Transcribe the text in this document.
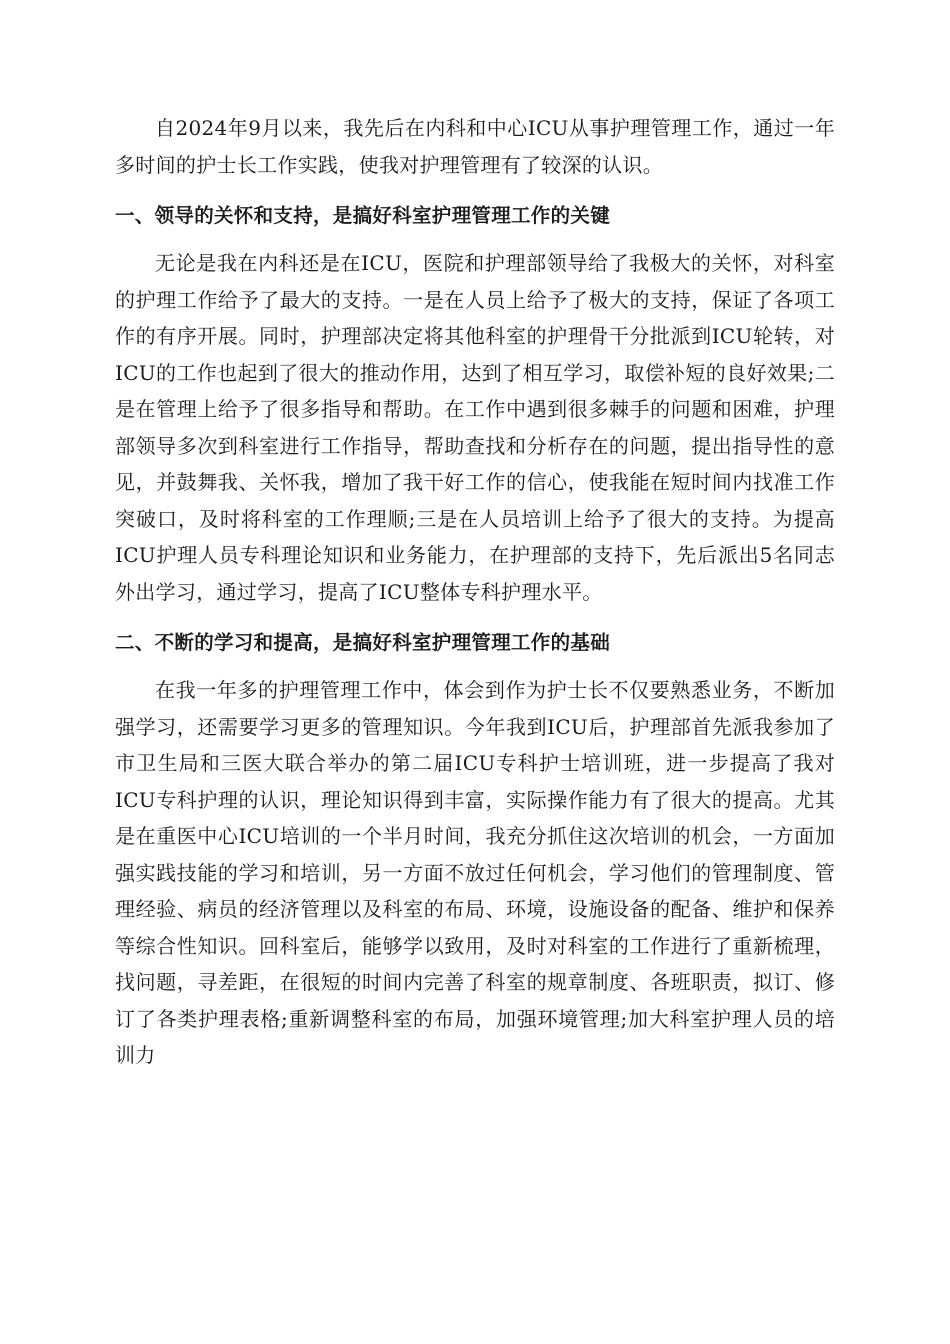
自2024年9月以来，我先后在内科和中心ICU从事护理管理工作，通过一年多时间的护士长工作实践，使我对护理管理有了较深的认识。

一、领导的关怀和支持，是搞好科室护理管理工作的关键

无论是我在内科还是在ICU，医院和护理部领导给了我极大的关怀，对科室的护理工作给予了最大的支持。一是在人员上给予了极大的支持，保证了各项工作的有序开展。同时，护理部决定将其他科室的护理骨干分批派到ICU轮转，对ICU的工作也起到了很大的推动作用，达到了相互学习，取偿补短的良好效果;二是在管理上给予了很多指导和帮助。在工作中遇到很多棘手的问题和困难，护理部领导多次到科室进行工作指导，帮助查找和分析存在的问题，提出指导性的意见，并鼓舞我、关怀我，增加了我干好工作的信心，使我能在短时间内找准工作突破口，及时将科室的工作理顺;三是在人员培训上给予了很大的支持。为提高ICU护理人员专科理论知识和业务能力，在护理部的支持下，先后派出5名同志外出学习，通过学习，提高了ICU整体专科护理水平。

二、不断的学习和提高，是搞好科室护理管理工作的基础

在我一年多的护理管理工作中，体会到作为护士长不仅要熟悉业务，不断加强学习，还需要学习更多的管理知识。今年我到ICU后，护理部首先派我参加了市卫生局和三医大联合举办的第二届ICU专科护士培训班，进一步提高了我对ICU专科护理的认识，理论知识得到丰富，实际操作能力有了很大的提高。尤其是在重医中心ICU培训的一个半月时间，我充分抓住这次培训的机会，一方面加强实践技能的学习和培训，另一方面不放过任何机会，学习他们的管理制度、管理经验、病员的经济管理以及科室的布局、环境，设施设备的配备、维护和保养等综合性知识。回科室后，能够学以致用，及时对科室的工作进行了重新梳理，找问题，寻差距，在很短的时间内完善了科室的规章制度、各班职责，拟订、修订了各类护理表格;重新调整科室的布局，加强环境管理;加大科室护理人员的培训力
